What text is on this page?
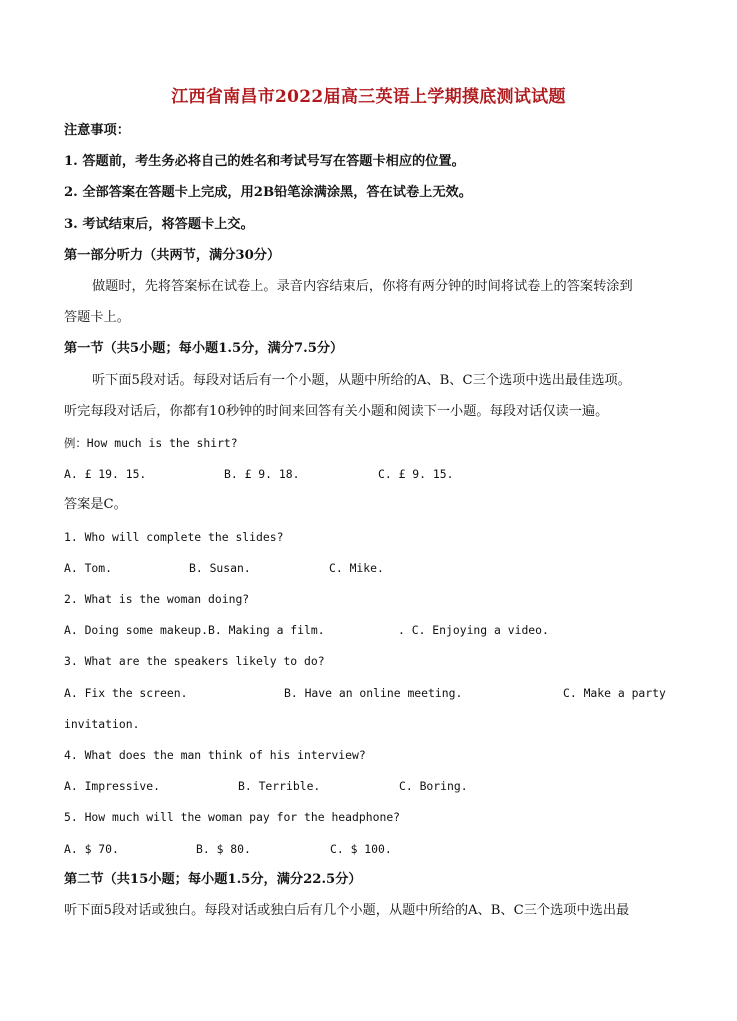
江西省南昌市2022届高三英语上学期摸底测试试题
注意事项：
1. 答题前，考生务必将自己的姓名和考试号写在答题卡相应的位置。
2. 全部答案在答题卡上完成，用2B铅笔涂满涂黑，答在试卷上无效。
3. 考试结束后，将答题卡上交。
第一部分听力（共两节，满分30分）
做题时，先将答案标在试卷上。录音内容结束后，你将有两分钟的时间将试卷上的答案转涂到
答题卡上。
第一节（共5小题；每小题1.5分，满分7.5分）
听下面5段对话。每段对话后有一个小题，从题中所给的A、B、C三个选项中选出最佳选项。
听完每段对话后，你都有10秒钟的时间来回答有关小题和阅读下一小题。每段对话仅读一遍。
例：How much is the shirt?
A. £ 19. 15.	B. £ 9. 18.	C. £ 9. 15.
答案是C。
1. Who will complete the slides?
A. Tom.	B. Susan.	C. Mike.
2. What is the woman doing?
A. Doing some makeup.B. Making a film.	. C. Enjoying a video.
3. What are the speakers likely to do?
A. Fix the screen.	B. Have an online meeting.	C. Make a party
invitation.
4. What does the man think of his interview?
A. Impressive.	B. Terrible.	C. Boring.
5. How much will the woman pay for the headphone?
A. $ 70.	B. $ 80.	C. $ 100.
第二节（共15小题；每小题1.5分，满分22.5分）
听下面5段对话或独白。每段对话或独白后有几个小题，从题中所给的A、B、C三个选项中选出最
